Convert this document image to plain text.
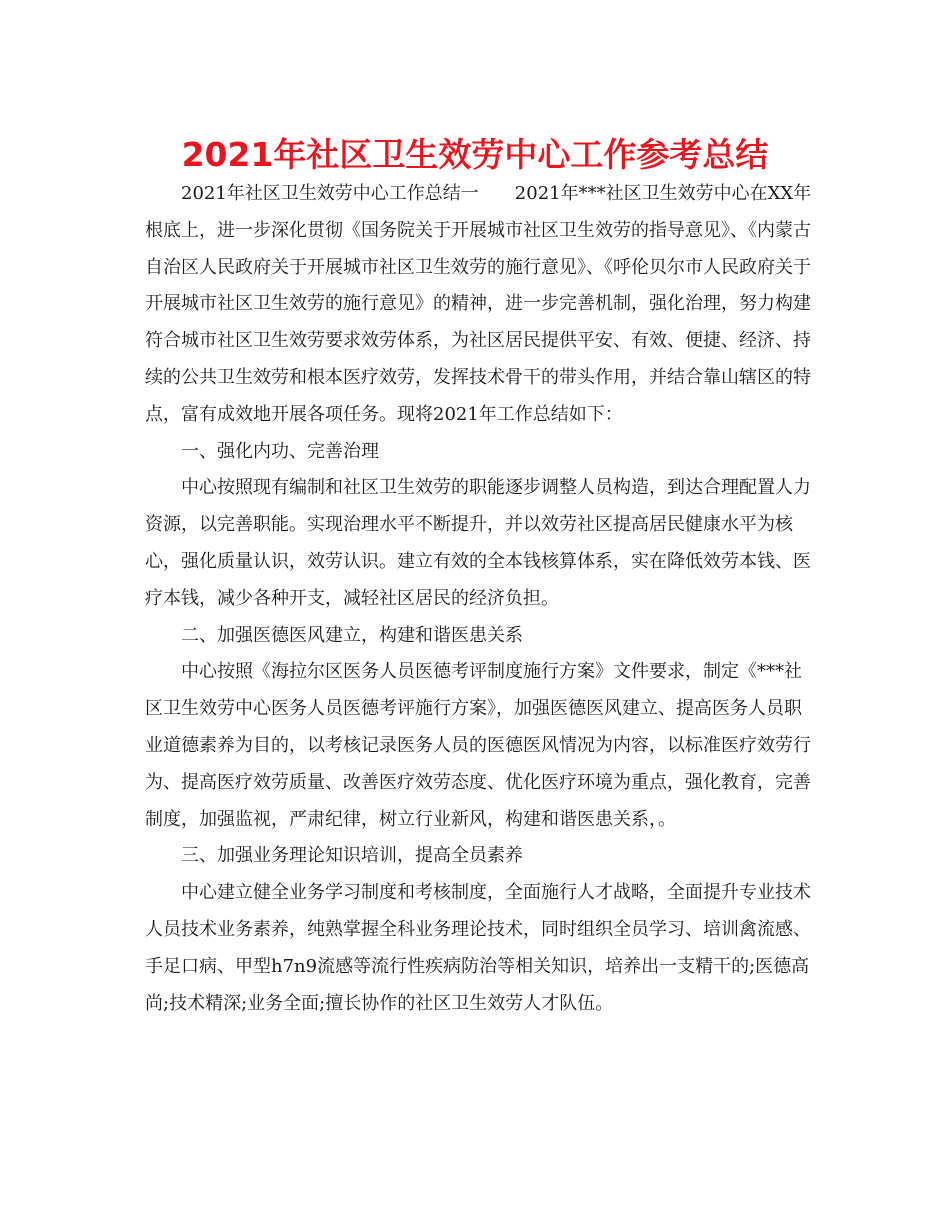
2021年社区卫生效劳中心工作参考总结

2021年社区卫生效劳中心工作总结一　　2021年***社区卫生效劳中心在XX年根底上，进一步深化贯彻《国务院关于开展城市社区卫生效劳的指导意见》、《内蒙古自治区人民政府关于开展城市社区卫生效劳的施行意见》、《呼伦贝尔市人民政府关于开展城市社区卫生效劳的施行意见》的精神，进一步完善机制，强化治理，努力构建符合城市社区卫生效劳要求效劳体系，为社区居民提供平安、有效、便捷、经济、持续的公共卫生效劳和根本医疗效劳，发挥技术骨干的带头作用，并结合靠山辖区的特点，富有成效地开展各项任务。现将2021年工作总结如下：

一、强化内功、完善治理

中心按照现有编制和社区卫生效劳的职能逐步调整人员构造，到达合理配置人力资源，以完善职能。实现治理水平不断提升，并以效劳社区提高居民健康水平为核心，强化质量认识，效劳认识。建立有效的全本钱核算体系，实在降低效劳本钱、医疗本钱，减少各种开支，减轻社区居民的经济负担。

二、加强医德医风建立，构建和谐医患关系

中心按照《海拉尔区医务人员医德考评制度施行方案》文件要求，制定《***社区卫生效劳中心医务人员医德考评施行方案》，加强医德医风建立、提高医务人员职业道德素养为目的，以考核记录医务人员的医德医风情况为内容，以标准医疗效劳行为、提高医疗效劳质量、改善医疗效劳态度、优化医疗环境为重点，强化教育，完善制度，加强监视，严肃纪律，树立行业新风，构建和谐医患关系，。

三、加强业务理论知识培训，提高全员素养

中心建立健全业务学习制度和考核制度，全面施行人才战略，全面提升专业技术人员技术业务素养，纯熟掌握全科业务理论技术，同时组织全员学习、培训禽流感、手足口病、甲型h7n9流感等流行性疾病防治等相关知识，培养出一支精干的;医德高尚;技术精深;业务全面;擅长协作的社区卫生效劳人才队伍。
